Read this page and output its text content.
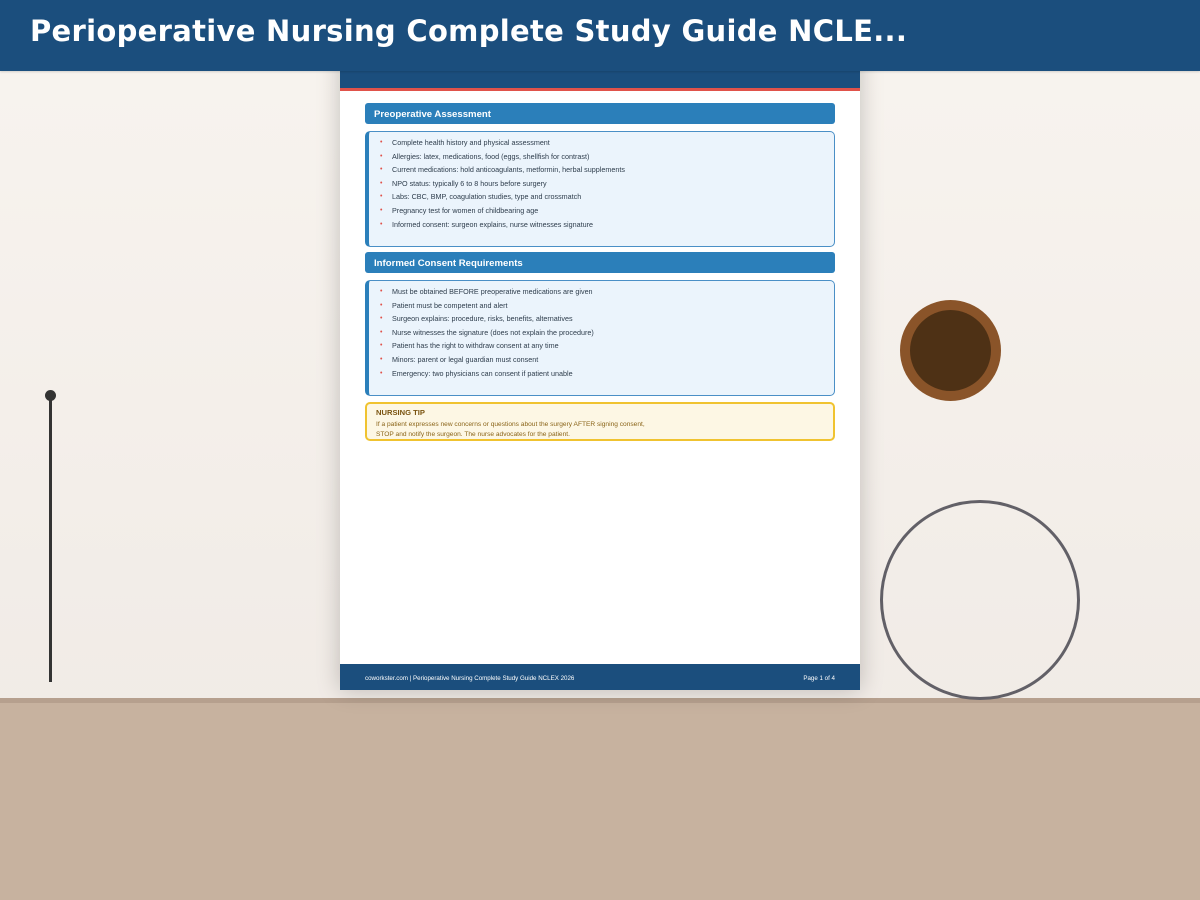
Perioperative Nursing Complete Study Guide NCLE...
Preoperative Assessment
• Complete health history and physical assessment
• Allergies: latex, medications, food (eggs, shellfish for contrast)
• Current medications: hold anticoagulants, metformin, herbal supplements
• NPO status: typically 6 to 8 hours before surgery
• Labs: CBC, BMP, coagulation studies, type and crossmatch
• Pregnancy test for women of childbearing age
• Informed consent: surgeon explains, nurse witnesses signature
Informed Consent Requirements
• Must be obtained BEFORE preoperative medications are given
• Patient must be competent and alert
• Surgeon explains: procedure, risks, benefits, alternatives
• Nurse witnesses the signature (does not explain the procedure)
• Patient has the right to withdraw consent at any time
• Minors: parent or legal guardian must consent
• Emergency: two physicians can consent if patient unable
NURSING TIP
If a patient expresses new concerns or questions about the surgery AFTER signing consent,
STOP and notify the surgeon. The nurse advocates for the patient.
coworkster.com | Perioperative Nursing Complete Study Guide NCLEX 2026	Page 1 of 4
